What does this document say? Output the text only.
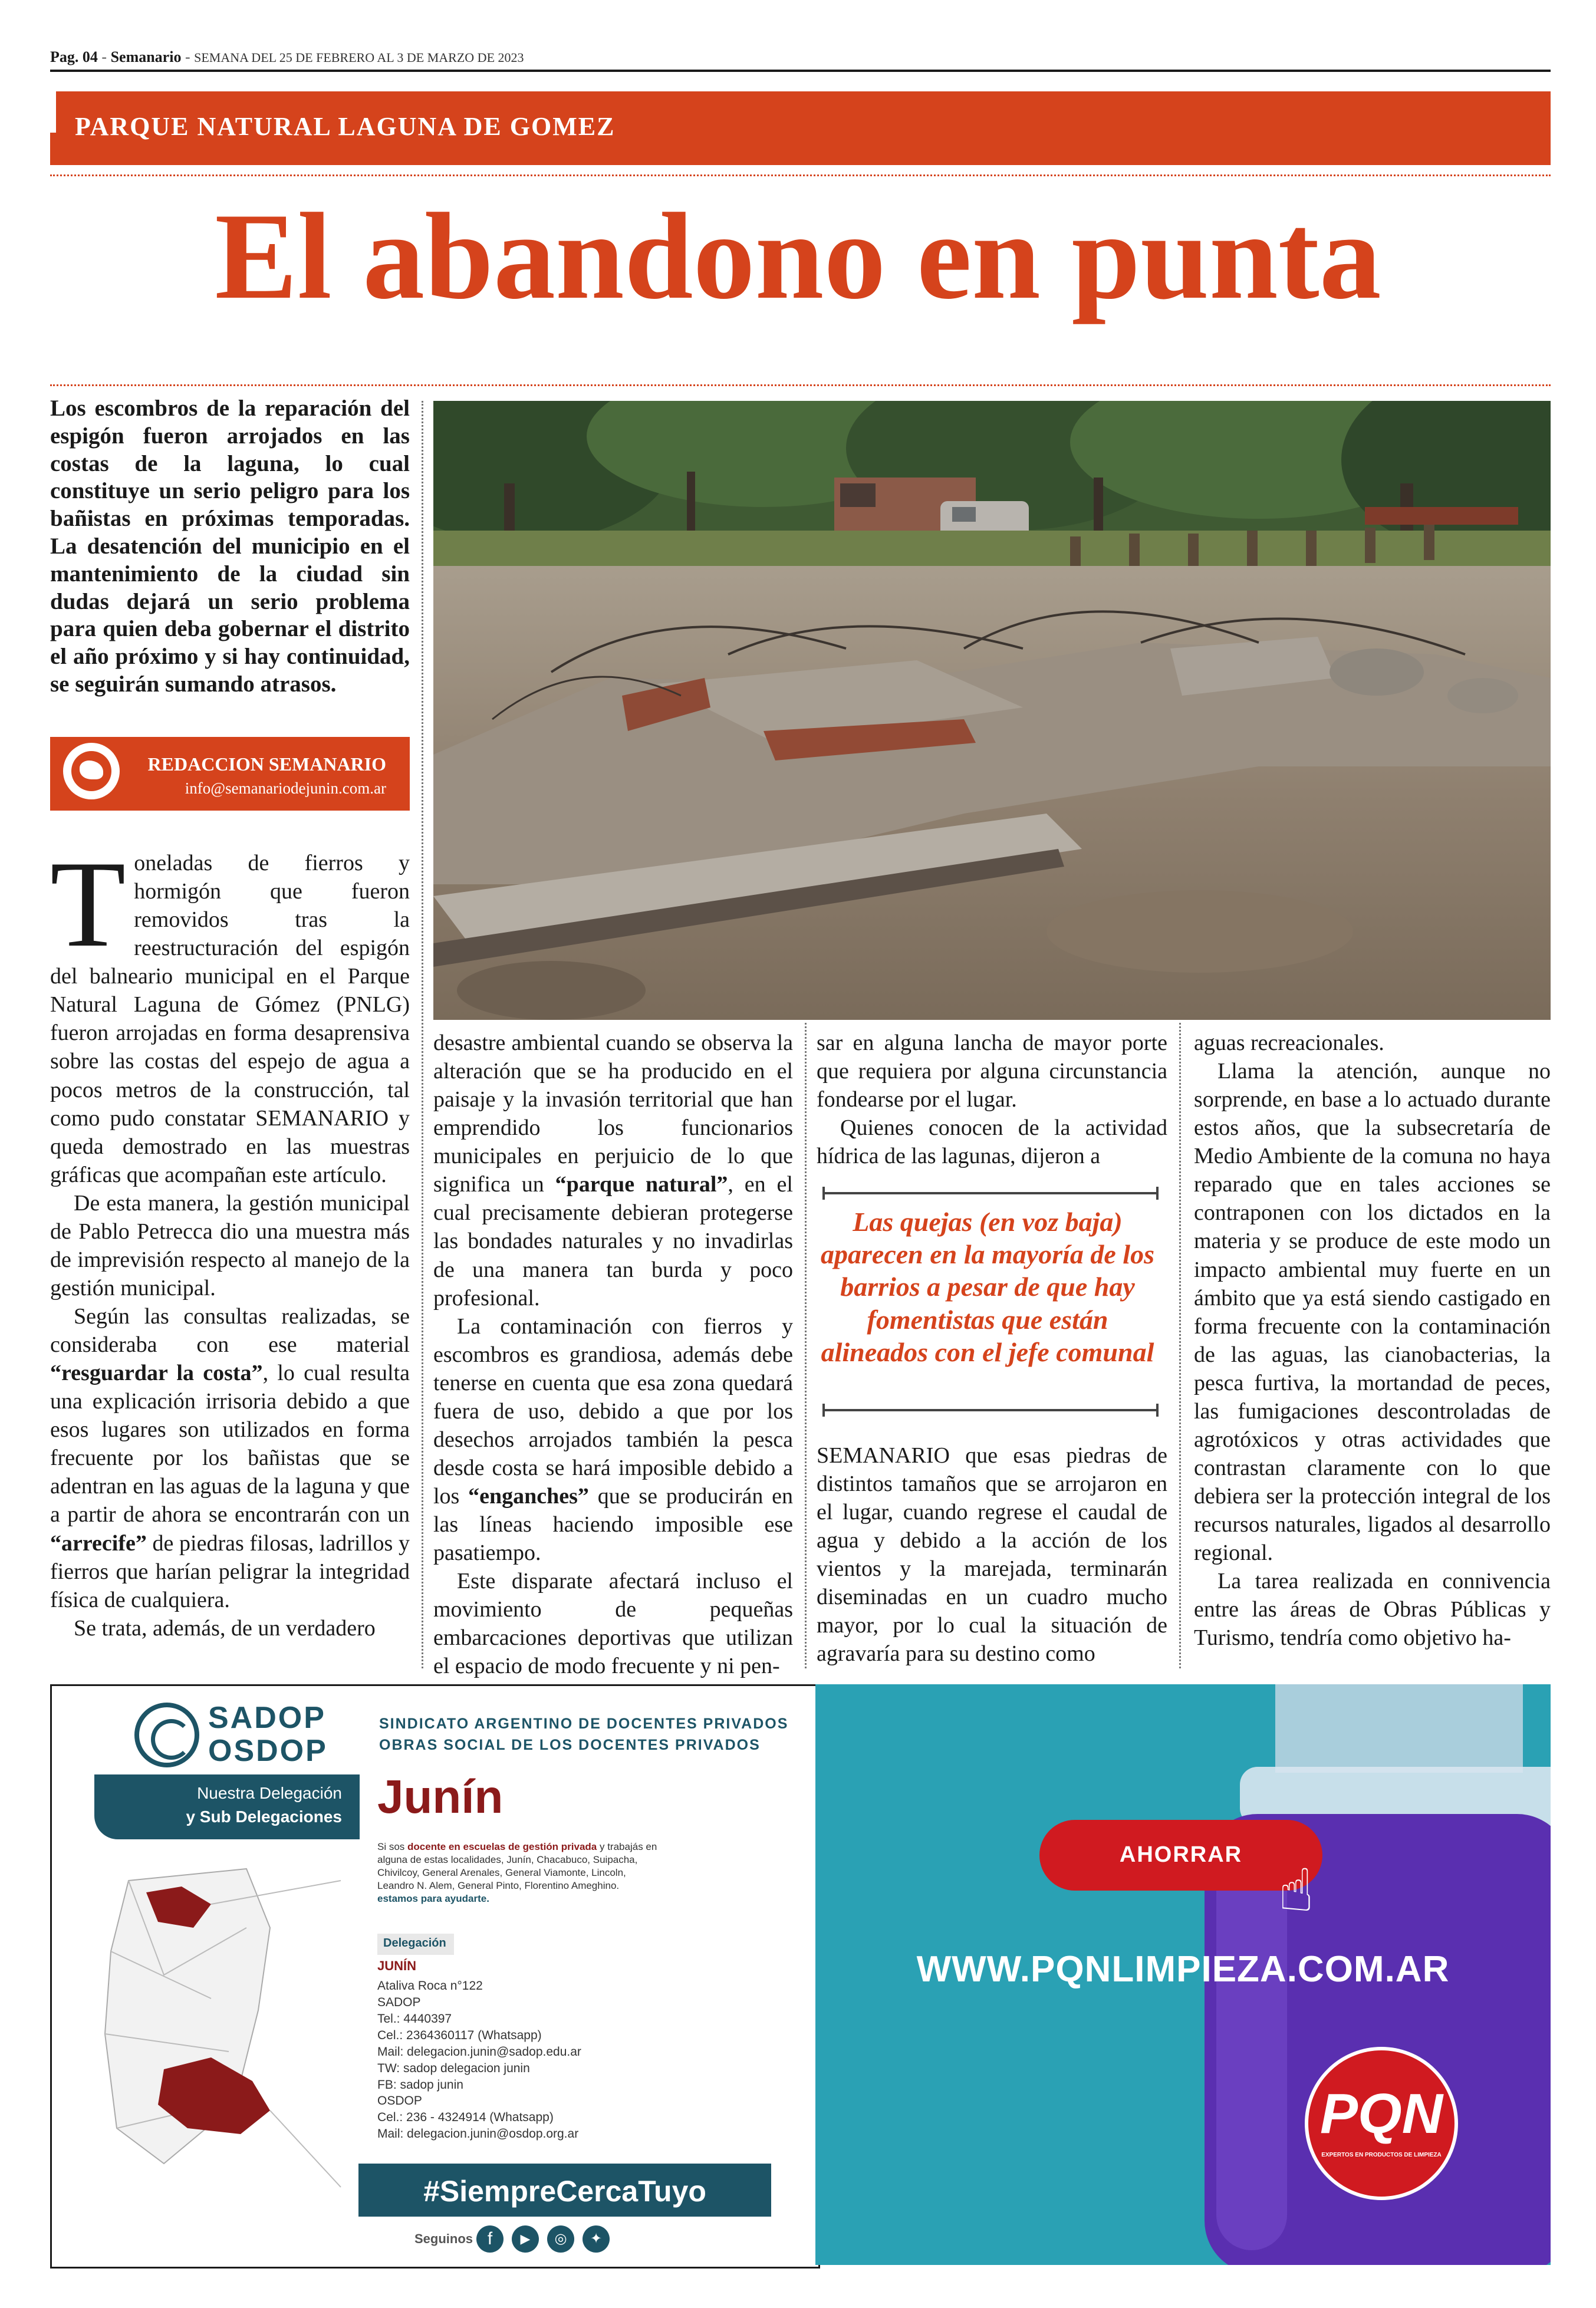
Pag. 04 - Semanario - SEMANA DEL 25 DE FEBRERO AL 3 DE MARZO DE 2023
PARQUE NATURAL LAGUNA DE GOMEZ
El abandono en punta
Los escombros de la reparación del espigón fueron arrojados en las costas de la laguna, lo cual constituye un serio peligro para los bañistas en próximas temporadas. La desatención del municipio en el mantenimiento de la ciudad sin dudas dejará un serio problema para quien deba gobernar el distrito el año próximo y si hay continuidad, se seguirán sumando atrasos.
REDACCION SEMANARIO
info@semanariodejunin.com.ar

Toneladas de fierros y hormigón que fueron removidos tras la reestructuración del espigón del balneario municipal en el Parque Natural Laguna de Gómez (PNLG) fueron arrojadas en forma desaprensiva sobre las costas del espejo de agua a pocos metros de la construcción, tal como pudo constatar SEMANARIO y queda demostrado en las muestras gráficas que acompañan este artículo.

De esta manera, la gestión municipal de Pablo Petrecca dio una muestra más de imprevisión respecto al manejo de la gestión municipal.

Según las consultas realizadas, se consideraba con ese material “resguardar la costa”, lo cual resulta una explicación irrisoria debido a que esos lugares son utilizados en forma frecuente por los bañistas que se adentran en las aguas de la laguna y que a partir de ahora se encontrarán con un “arrecife” de piedras filosas, ladrillos y fierros que harían peligrar la integridad física de cualquiera.

Se trata, además, de un verdadero

desastre ambiental cuando se observa la alteración que se ha producido en el paisaje y la invasión territorial que han emprendido los funcionarios municipales en perjuicio de lo que significa un “parque natural”, en el cual precisamente debieran protegerse las bondades naturales y no invadirlas de una manera tan burda y poco profesional.

La contaminación con fierros y escombros es grandiosa, además debe tenerse en cuenta que esa zona quedará fuera de uso, debido a que por los desechos arrojados también la pesca desde costa se hará imposible debido a los “enganches” que se producirán en las líneas haciendo imposible ese pasatiempo.

Este disparate afectará incluso el movimiento de pequeñas embarcaciones deportivas que utilizan el espacio de modo frecuente y ni pen-

sar en alguna lancha de mayor porte que requiera por alguna circunstancia fondearse por el lugar.

Quienes conocen de la actividad hídrica de las lagunas, dijeron a

Las quejas (en voz baja) aparecen en la mayoría de los barrios a pesar de que hay fomentistas que están alineados con el jefe comunal

SEMANARIO que esas piedras de distintos tamaños que se arrojaron en el lugar, cuando regrese el caudal de agua y debido a la acción de los vientos y la marejada, terminarán diseminadas en un cuadro mucho mayor, por lo cual la situación de agravaría para su destino como

aguas recreacionales.

Llama la atención, aunque no sorprende, en base a lo actuado durante estos años, que la subsecretaría de Medio Ambiente de la comuna no haya reparado que en tales acciones se contraponen con los dictados en la materia y se produce de este modo un impacto ambiental muy fuerte en un ámbito que ya está siendo castigado en forma frecuente con la contaminación de las aguas, las cianobacterias, la pesca furtiva, la mortandad de peces, las fumigaciones descontroladas de agrotóxicos y otras actividades que contrastan claramente con lo que debiera ser la protección integral de los recursos naturales, ligados al desarrollo regional.

La tarea realizada en connivencia entre las áreas de Obras Públicas y Turismo, tendría como objetivo ha-

SADOP
OSDOP
SINDICATO ARGENTINO DE DOCENTES PRIVADOS
OBRAS SOCIAL DE LOS DOCENTES PRIVADOS
Nuestra Delegación
y Sub Delegaciones Junín
Si sos docente en escuelas de gestión privada y trabajás en alguna de estas localidades, Junín, Chacabuco, Suipacha, Chivilcoy, General Arenales, General Viamonte, Lincoln, Leandro N. Alem, General Pinto, Florentino Ameghino.
estamos para ayudarte.
Delegación
JUNÍN
Ataliva Roca n°122
SADOP
Tel.: 4440397
Cel.: 2364360117 (Whatsapp)
Mail: delegacion.junin@sadop.edu.ar
TW: sadop delegacion junin
FB: sadop junin
OSDOP
Cel.: 236 - 4324914 (Whatsapp)
Mail: delegacion.junin@osdop.org.ar
#SiempreCercaTuyo
Seguinos f	▶	◎	✦
AHORRAR
☝
WWW.PQNLIMPIEZA.COM.AR
PQN
EXPERTOS EN PRODUCTOS DE LIMPIEZA
